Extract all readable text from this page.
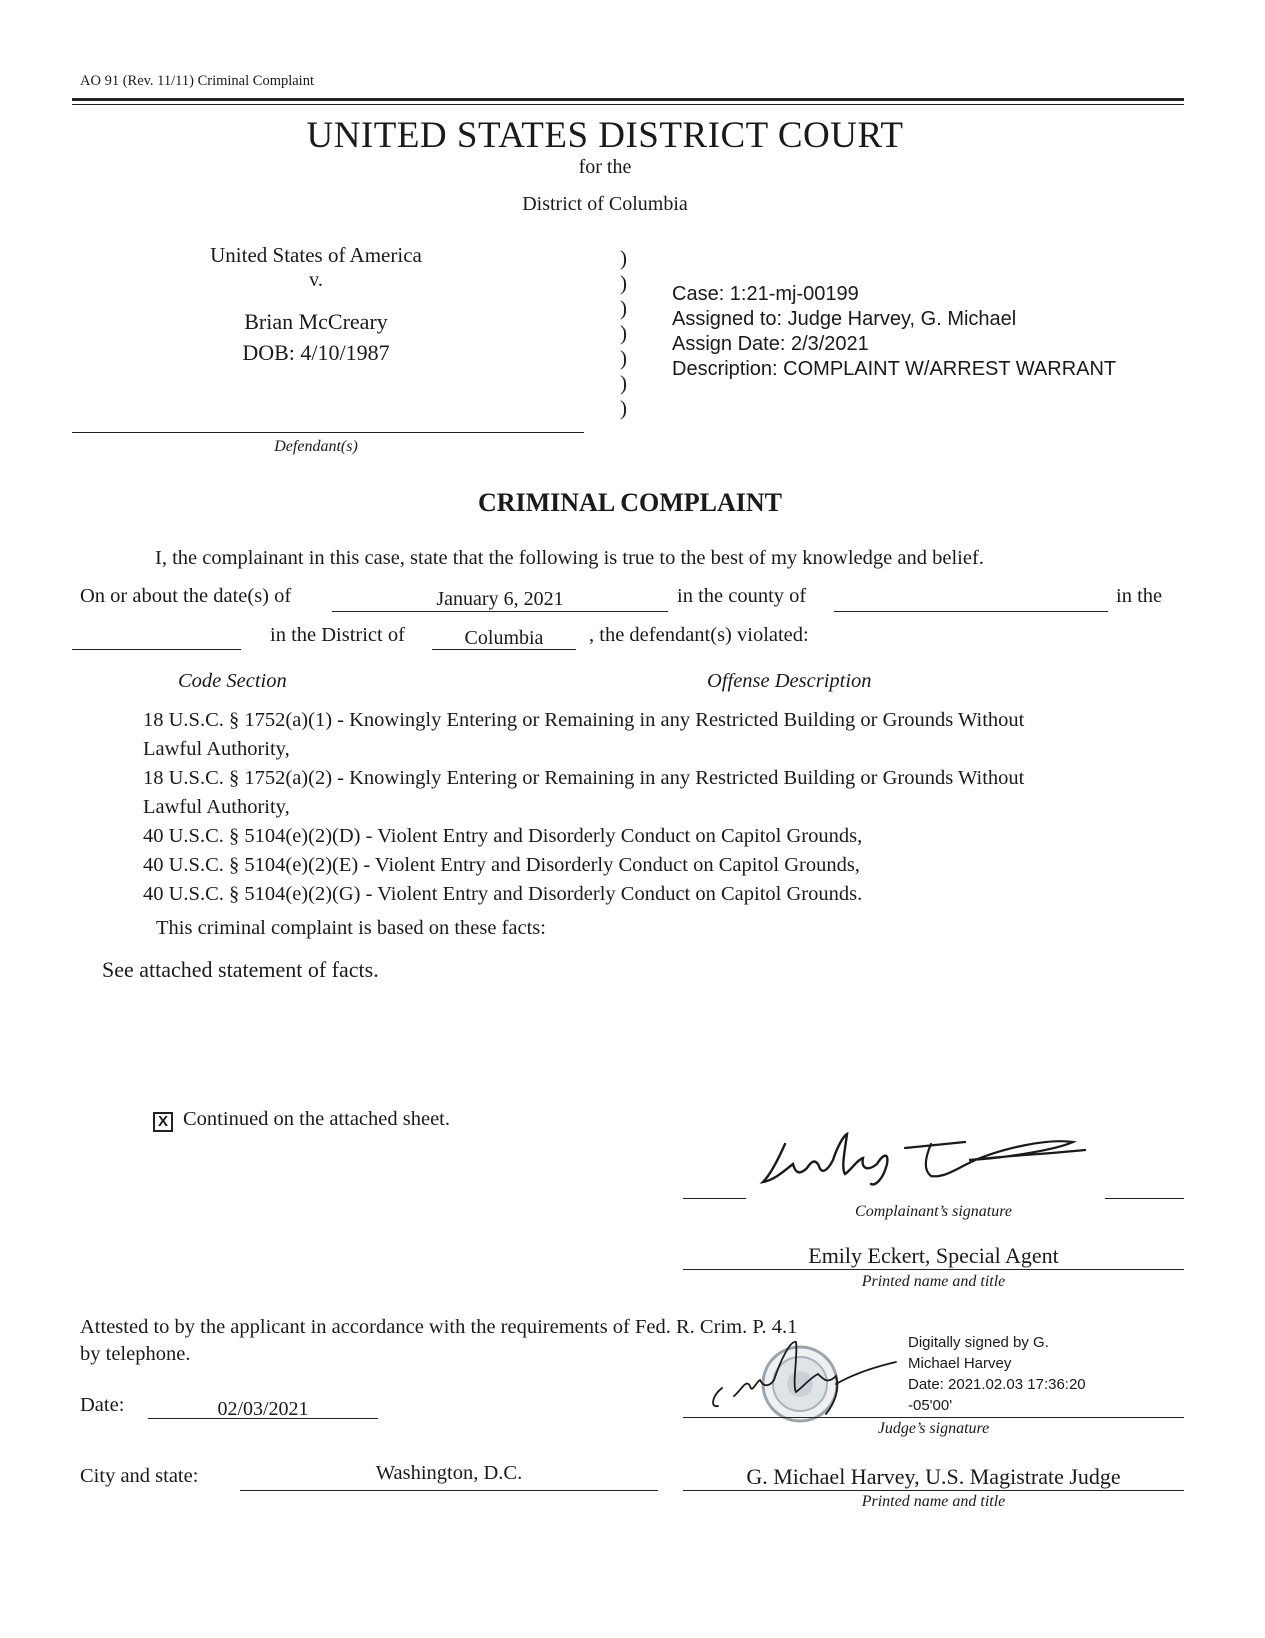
AO 91 (Rev. 11/11) Criminal Complaint
UNITED STATES DISTRICT COURT
for the
District of Columbia
United States of America
v.
Brian McCreary
DOB: 4/10/1987
Defendant(s)
)
)
)
)
)
)
)
Case: 1:21-mj-00199
Assigned to: Judge Harvey, G. Michael
Assign Date: 2/3/2021
Description: COMPLAINT W/ARREST WARRANT
CRIMINAL COMPLAINT
I, the complainant in this case, state that the following is true to the best of my knowledge and belief.
On or about the date(s) of	January 6, 2021	in the county of	in the
in the District of	Columbia	, the defendant(s) violated:
Code Section	Offense Description
18 U.S.C. § 1752(a)(1) - Knowingly Entering or Remaining in any Restricted Building or Grounds Without
Lawful Authority,
18 U.S.C. § 1752(a)(2) - Knowingly Entering or Remaining in any Restricted Building or Grounds Without
Lawful Authority,
40 U.S.C. § 5104(e)(2)(D) - Violent Entry and Disorderly Conduct on Capitol Grounds,
40 U.S.C. § 5104(e)(2)(E) - Violent Entry and Disorderly Conduct on Capitol Grounds,
40 U.S.C. § 5104(e)(2)(G) - Violent Entry and Disorderly Conduct on Capitol Grounds.
This criminal complaint is based on these facts:
See attached statement of facts.
X Continued on the attached sheet.
Complainant’s signature
Emily Eckert, Special Agent
Printed name and title
Attested to by the applicant in accordance with the requirements of Fed. R. Crim. P. 4.1
by telephone.
Digitally signed by G.
Michael Harvey
Date: 2021.02.03 17:36:20
-05'00'
Judge’s signature
Date:	02/03/2021
City and state:	Washington, D.C.	G. Michael Harvey, U.S. Magistrate Judge
Printed name and title
